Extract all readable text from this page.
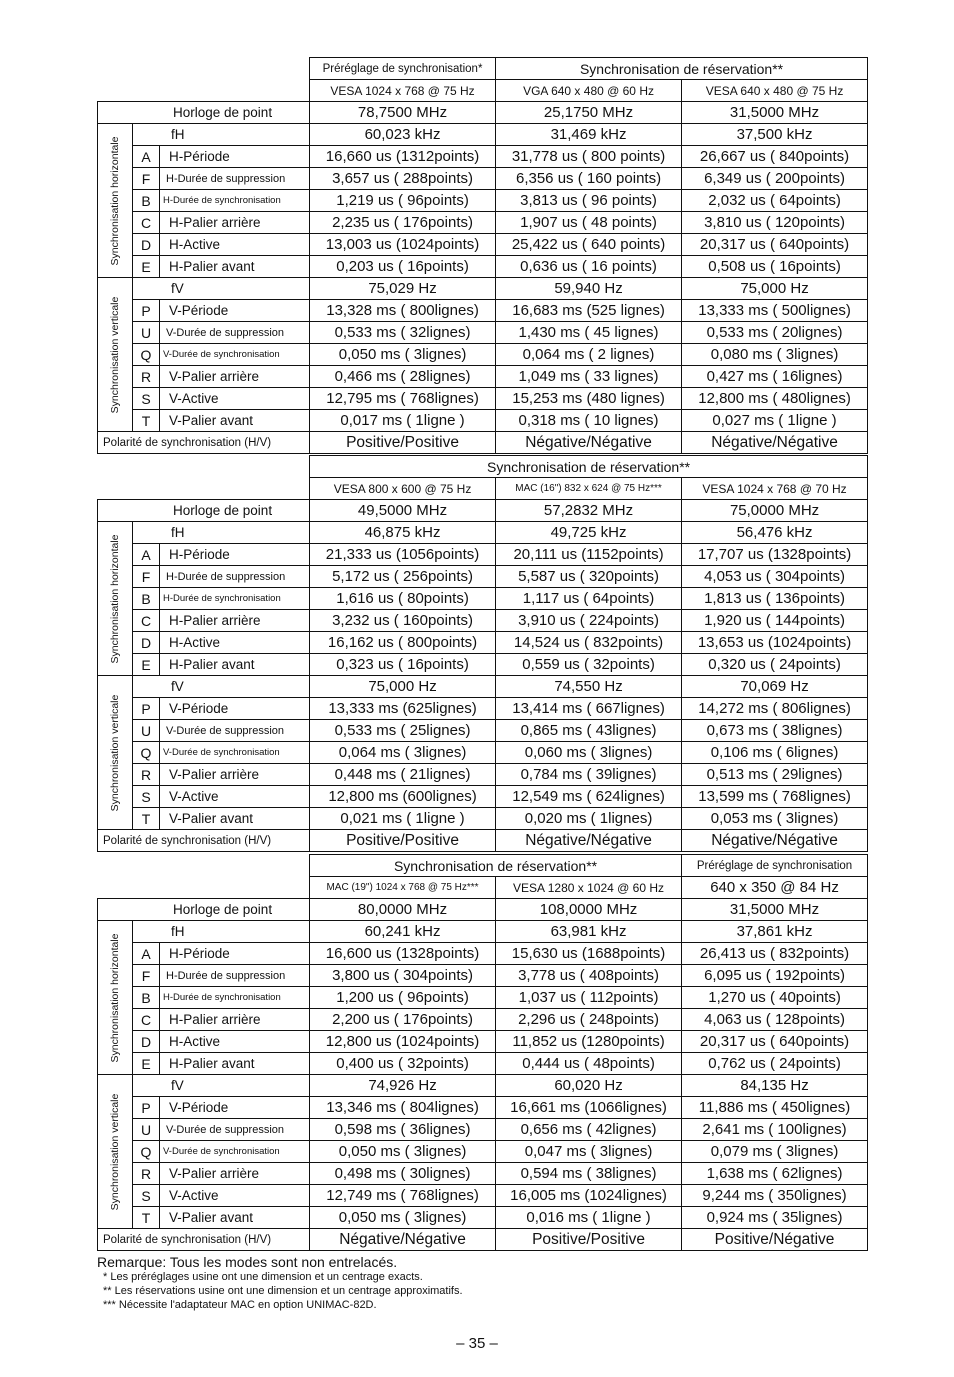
			Préréglage de synchronisation*	Synchronisation de réservation**	
			VESA 1024 x 768 @ 75 Hz	VGA 640 x 480 @ 60 Hz	VESA 640 x 480 @ 75 Hz
Horloge de point			78,7500 MHz	25,1750 MHz	31,5000 MHz

Synchronisation horizontale	fH		60,023 kHz	31,469 kHz	37,500 kHz
	A	H-Période	16,660 us (1312points)	31,778 us ( 800 points)	26,667 us ( 840points)
	F	H-Durée de suppression	3,657 us ( 288points)	6,356 us ( 160 points)	6,349 us ( 200points)
	B	H-Durée de synchronisation	1,219 us ( 96points)	3,813 us ( 96 points)	2,032 us ( 64points)
	C	H-Palier arrière	2,235 us ( 176points)	1,907 us ( 48 points)	3,810 us ( 120points)
	D	H-Active	13,003 us (1024points)	25,422 us ( 640 points)	20,317 us ( 640points)
	E	H-Palier avant	0,203 us ( 16points)	0,636 us ( 16 points)	0,508 us ( 16points)

Synchronisation verticale	fV		75,029 Hz	59,940 Hz	75,000 Hz
	P	V-Période	13,328 ms ( 800lignes)	16,683 ms (525 lignes)	13,333 ms ( 500lignes)
	U	V-Durée de suppression	0,533 ms ( 32lignes)	1,430 ms ( 45 lignes)	0,533 ms ( 20lignes)
	Q	V-Durée de synchronisation	0,050 ms ( 3lignes)	0,064 ms ( 2 lignes)	0,080 ms ( 3lignes)
	R	V-Palier arrière	0,466 ms ( 28lignes)	1,049 ms ( 33 lignes)	0,427 ms ( 16lignes)
	S	V-Active	12,795 ms ( 768lignes)	15,253 ms (480 lignes)	12,800 ms ( 480lignes)
	T	V-Palier avant	0,017 ms ( 1ligne )	0,318 ms ( 10 lignes)	0,027 ms ( 1ligne )
Polarité de synchronisation (H/V)			Positive/Positive	Négative/Négative	Négative/Négative
			Synchronisation de réservation**		
			VESA 800 x 600 @ 75 Hz	MAC (16") 832 x 624 @ 75 Hz***	VESA 1024 x 768 @ 70 Hz
Horloge de point			49,5000 MHz	57,2832 MHz	75,0000 MHz

Synchronisation horizontale	fH		46,875 kHz	49,725 kHz	56,476 kHz
	A	H-Période	21,333 us (1056points)	20,111 us (1152points)	17,707 us (1328points)
	F	H-Durée de suppression	5,172 us ( 256points)	5,587 us ( 320points)	4,053 us ( 304points)
	B	H-Durée de synchronisation	1,616 us ( 80points)	1,117 us ( 64points)	1,813 us ( 136points)
	C	H-Palier arrière	3,232 us ( 160points)	3,910 us ( 224points)	1,920 us ( 144points)
	D	H-Active	16,162 us ( 800points)	14,524 us ( 832points)	13,653 us (1024points)
	E	H-Palier avant	0,323 us ( 16points)	0,559 us ( 32points)	0,320 us ( 24points)

Synchronisation verticale	fV		75,000 Hz	74,550 Hz	70,069 Hz
	P	V-Période	13,333 ms (625lignes)	13,414 ms ( 667lignes)	14,272 ms ( 806lignes)
	U	V-Durée de suppression	0,533 ms ( 25lignes)	0,865 ms ( 43lignes)	0,673 ms ( 38lignes)
	Q	V-Durée de synchronisation	0,064 ms ( 3lignes)	0,060 ms ( 3lignes)	0,106 ms ( 6lignes)
	R	V-Palier arrière	0,448 ms ( 21lignes)	0,784 ms ( 39lignes)	0,513 ms ( 29lignes)
	S	V-Active	12,800 ms (600lignes)	12,549 ms ( 624lignes)	13,599 ms ( 768lignes)
	T	V-Palier avant	0,021 ms ( 1ligne )	0,020 ms ( 1lignes)	0,053 ms ( 3lignes)
Polarité de synchronisation (H/V)			Positive/Positive	Négative/Négative	Négative/Négative
			Synchronisation de réservation**		Préréglage de synchronisation
			MAC (19") 1024 x 768 @ 75 Hz***	VESA 1280 x 1024 @ 60 Hz	640 x 350 @ 84 Hz
Horloge de point			80,0000 MHz	108,0000 MHz	31,5000 MHz

Synchronisation horizontale	fH		60,241 kHz	63,981 kHz	37,861 kHz
	A	H-Période	16,600 us (1328points)	15,630 us (1688points)	26,413 us ( 832points)
	F	H-Durée de suppression	3,800 us ( 304points)	3,778 us ( 408points)	6,095 us ( 192points)
	B	H-Durée de synchronisation	1,200 us ( 96points)	1,037 us ( 112points)	1,270 us ( 40points)
	C	H-Palier arrière	2,200 us ( 176points)	2,296 us ( 248points)	4,063 us ( 128points)
	D	H-Active	12,800 us (1024points)	11,852 us (1280points)	20,317 us ( 640points)
	E	H-Palier avant	0,400 us ( 32points)	0,444 us ( 48points)	0,762 us ( 24points)

Synchronisation verticale	fV		74,926 Hz	60,020 Hz	84,135 Hz
	P	V-Période	13,346 ms ( 804lignes)	16,661 ms (1066lignes)	11,886 ms ( 450lignes)
	U	V-Durée de suppression	0,598 ms ( 36lignes)	0,656 ms ( 42lignes)	2,641 ms ( 100lignes)
	Q	V-Durée de synchronisation	0,050 ms ( 3lignes)	0,047 ms ( 3lignes)	0,079 ms ( 3lignes)
	R	V-Palier arrière	0,498 ms ( 30lignes)	0,594 ms ( 38lignes)	1,638 ms ( 62lignes)
	S	V-Active	12,749 ms ( 768lignes)	16,005 ms (1024lignes)	9,244 ms ( 350lignes)
	T	V-Palier avant	0,050 ms ( 3lignes)	0,016 ms ( 1ligne )	0,924 ms ( 35lignes)
Polarité de synchronisation (H/V)			Négative/Négative	Positive/Positive	Positive/Négative
Remarque: Tous les modes sont non entrelacés.
* Les préréglages usine ont une dimension et un centrage exacts.
** Les réservations usine ont une dimension et un centrage approximatifs.
*** Nécessite l'adaptateur MAC en option UNIMAC-82D.
– 35 –
